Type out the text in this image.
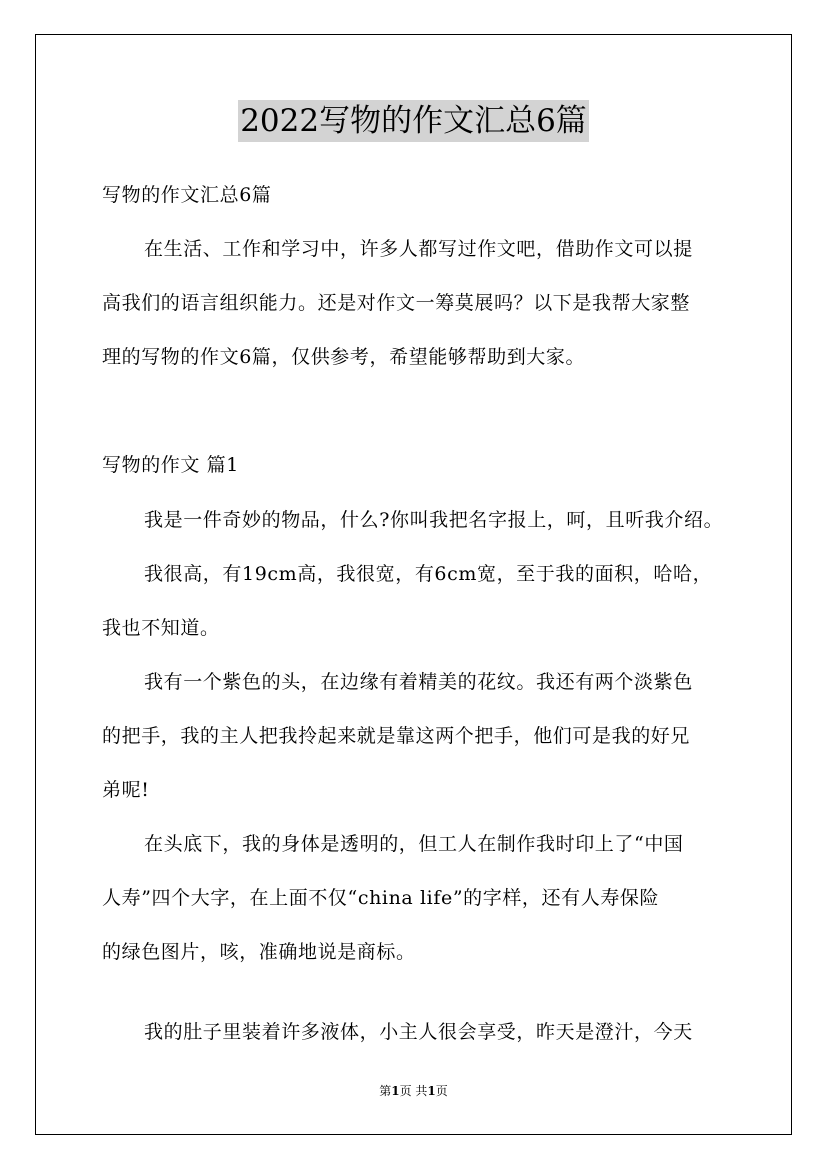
2022写物的作文汇总6篇
写物的作文汇总6篇
在生活、工作和学习中，许多人都写过作文吧，借助作文可以提
高我们的语言组织能力。还是对作文一筹莫展吗？以下是我帮大家整
理的写物的作文6篇，仅供参考，希望能够帮助到大家。
写物的作文 篇1
我是一件奇妙的物品，什么?你叫我把名字报上，呵，且听我介绍。
我很高，有19cm高，我很宽，有6cm宽，至于我的面积，哈哈，
我也不知道。
我有一个紫色的头，在边缘有着精美的花纹。我还有两个淡紫色
的把手，我的主人把我拎起来就是靠这两个把手，他们可是我的好兄
弟呢!
在头底下，我的身体是透明的，但工人在制作我时印上了“中国
人寿”四个大字，在上面不仅“china life”的字样，还有人寿保险
的绿色图片，咳，准确地说是商标。
我的肚子里装着许多液体，小主人很会享受，昨天是澄汁，今天
第1页 共1页
